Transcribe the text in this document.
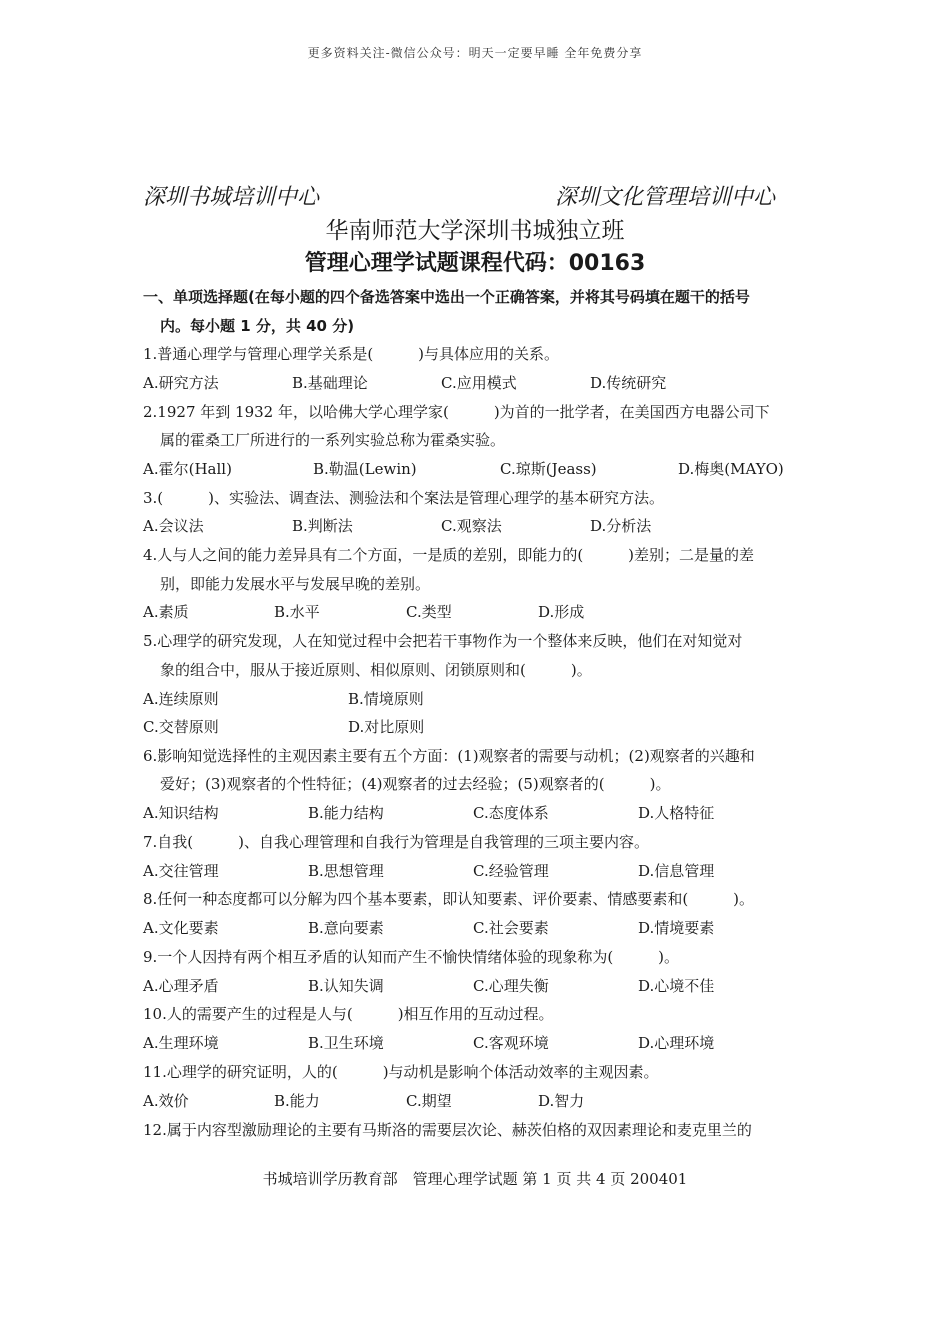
更多资料关注-微信公众号：明天一定要早睡 全年免费分享
深圳书城培训中心	深圳文化管理培训中心
华南师范大学深圳书城独立班
管理心理学试题课程代码：00163
一、单项选择题(在每小题的四个备选答案中选出一个正确答案，并将其号码填在题干的括号
内。每小题 1 分，共 40 分)
1.普通心理学与管理心理学关系是(　　　)与具体应用的关系。
A.研究方法	B.基础理论	C.应用模式	D.传统研究
2.1927 年到 1932 年，以哈佛大学心理学家(　　　)为首的一批学者，在美国西方电器公司下
属的霍桑工厂所进行的一系列实验总称为霍桑实验。
A.霍尔(Hall)	B.勒温(Lewin)	C.琼斯(Jeass)	D.梅奥(MAYO)
3.(　　　)、实验法、调查法、测验法和个案法是管理心理学的基本研究方法。
A.会议法	B.判断法	C.观察法	D.分析法
4.人与人之间的能力差异具有二个方面，一是质的差别，即能力的(　　　)差别；二是量的差
别，即能力发展水平与发展早晚的差别。
A.素质	B.水平	C.类型	D.形成
5.心理学的研究发现，人在知觉过程中会把若干事物作为一个整体来反映，他们在对知觉对
象的组合中，服从于接近原则、相似原则、闭锁原则和(　　　)。
A.连续原则	B.情境原则
C.交替原则	D.对比原则
6.影响知觉选择性的主观因素主要有五个方面：(1)观察者的需要与动机；(2)观察者的兴趣和
爱好；(3)观察者的个性特征；(4)观察者的过去经验；(5)观察者的(　　　)。
A.知识结构	B.能力结构	C.态度体系	D.人格特征
7.自我(　　　)、自我心理管理和自我行为管理是自我管理的三项主要内容。
A.交往管理	B.思想管理	C.经验管理	D.信息管理
8.任何一种态度都可以分解为四个基本要素，即认知要素、评价要素、情感要素和(　　　)。
A.文化要素	B.意向要素	C.社会要素	D.情境要素
9.一个人因持有两个相互矛盾的认知而产生不愉快情绪体验的现象称为(　　　)。
A.心理矛盾	B.认知失调	C.心理失衡	D.心境不佳
10.人的需要产生的过程是人与(　　　)相互作用的互动过程。
A.生理环境	B.卫生环境	C.客观环境	D.心理环境
11.心理学的研究证明，人的(　　　)与动机是影响个体活动效率的主观因素。
A.效价	B.能力	C.期望	D.智力
12.属于内容型激励理论的主要有马斯洛的需要层次论、赫茨伯格的双因素理论和麦克里兰的
书城培训学历教育部　管理心理学试题 第 1 页 共 4 页 200401
